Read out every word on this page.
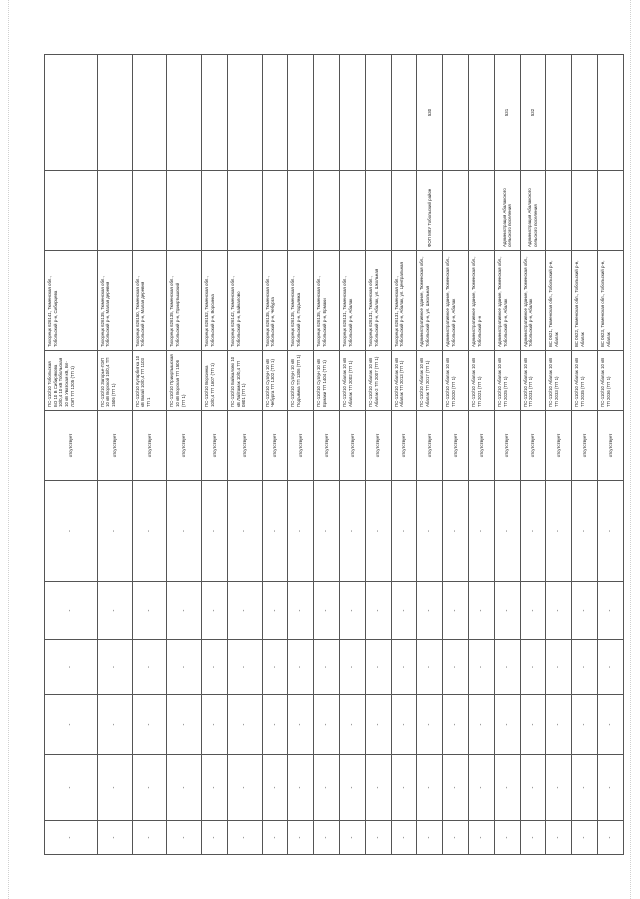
-	-	-	-	-	-	отсутствует	ПС-110/10 Тобольская БО 10 В Сибирякова 10/0,4 10 кВ Тобольская 10 кВ Уватская кВ, Вл-ЛЭП ТП 1205 (ТП 1)	Тихорецк 626141, Тюменская обл., Тобольский р-н, Сибирцева		
-	-	-	-	-	-	отсутствует	ПС-110/10 Загорье-ЛЭП 10 кВ Ворской 10/0,4 ТП 1506 (ТП 1)	Тихорецк 626135, Тюменская обл., Тобольский р-н, Малая деревня		
-	-	-	-	-	-	отсутствует	ПС-110/10 Кутарбитка 10 кВ Вагай 10/0,4 ТП 1103 ТП 1	Тихорецк 626150, Тюменская обл., Тобольский р-н, Малая деревня		
-	-	-	-	-	-	отсутствует	ПС-110/10 Прииртышская 10 кВ Ворская ТП 1506 (ТП 1)	Тихорецк 626135, Тюменская обл., Тобольский р-н, Прииртышский		
-	-	-	-	-	-	отсутствует	ПС-110/10 Ворсинка 10/0,4 ТП 1607 (ТП 1)	Тихорецк 626152, Тюменская обл., Тобольский р-н, Ворсинка		
-	-	-	-	-	-	отсутствует	ПС-110/10 Байкалово 10 кВ Лайтамак 10/0,4 ТП 0801 (ТП 1)	Тихорецк 626142, Тюменская обл., Тобольский р-н, Байкалово		
-	-	-	-	-	-	отсутствует	ПС-110/10 Сузгун 10 кВ Чебурга ТП 1302 (ТП 1)	Тихорецк 626135, Тюменская обл., Тобольский р-н, Чебурга		
-	-	-	-	-	-	отсутствует	ПС-110/10 Сузгун 10 кВ Подъямка ТП 1306 (ТП 1)	Тихорецк 626135, Тюменская обл., Тобольский р-н, Подъямка		
-	-	-	-	-	-	отсутствует	ПС-110/10 Сузгун 10 кВ Ермаки ТП 1404 (ТП 1)	Тихорецк 626135, Тюменская обл., Тобольский р-н, Ермаки		
-	-	-	-	-	-	отсутствует	ПС-110/10 Абалак 10 кВ Абалак ТП 2002 (ТП 1)	Тихорецк 626131, Тюменская обл., Тобольский р-н, Абалак		
-	-	-	-	-	-	отсутствует	ПС-110/10 Абалак 10 кВ Абалак-2 ТП 2007 (ТП 1)	Тихорецк 626131, Тюменская обл., Тобольский р-н, Абалак, ул. Школьная		
-	-	-	-	-	-	отсутствует	ПС-110/10 Абалак 10 кВ Абалак ТП 2013 (ТП 1)	Тихорецк 626131, Тюменская обл., Тобольский р-н, Абалак, ул. Центральная		
-	-	-	-	-	-	отсутствует	ПС-110/10 Абалак 10 кВ Абалак ТП 2017 (ТП 1)	Административное здание, Тюменская обл., Тобольский р-н, ул. Школьная	ФОП МКУ Тобольский район	530
-	-	-	-	-	-	отсутствует	ПС-110/10 Абалак 10 кВ ТП 2020 (ТП 1)	Административное здание, Тюменская обл., Тобольский р-н, Абалак		
-	-	-	-	-	-	отсутствует	ПС-110/10 Абалак 10 кВ ТП 2021 (ТП 1)	Административное здание, Тюменская обл., Тобольский р-н		
-	-	-	-	-	-	отсутствует	ПС-110/10 Абалак 10 кВ ТП 2025 (ТП 1)	Административное здание, Тюменская обл., Тобольский р-н, Абалак	Администрация Абалакского сельского поселения	531
-	-	-	-	-	-	отсутствует	ПС-110/10 Абалак 10 кВ ТП 2031 (ТП 1)	Административное здание, Тюменская обл., Тобольский р-н, Абалак	Администрация Абалакского сельского поселения	532
-	-	-	-	-	-	отсутствует	ПС-110/10 Абалак 10 кВ ТП 2033 (ТП 1)	ВС 0621, Тюменская обл., Тобольский р-н, Абалак		
-	-	-	-	-	-	отсутствует	ПС-110/10 Абалак 10 кВ ТП 2035 (ТП 1)	ВС 0622, Тюменская обл., Тобольский р-н, Абалак		
-	-	-	-	-	-	отсутствует	ПС-110/10 Абалак 10 кВ ТП 2036 (ТП 1)	ВС 0623, Тюменская обл., Тобольский р-н, Абалак		
